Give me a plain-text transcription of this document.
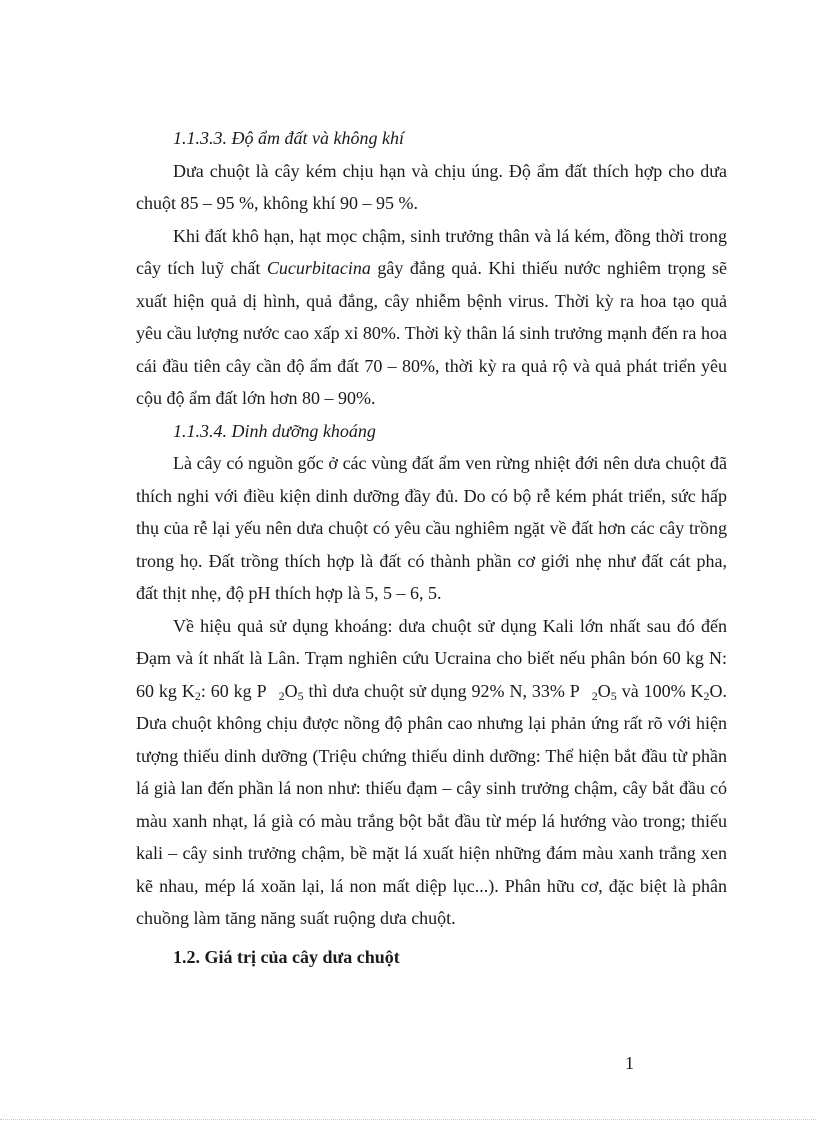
1.1.3.3. Độ ẩm đất và không khí

Dưa chuột là cây kém chịu hạn và chịu úng. Độ ẩm đất thích hợp cho dưa chuột 85 – 95 %, không khí 90 – 95 %.

Khi đất khô hạn, hạt mọc chậm, sinh trưởng thân và lá kém, đồng thời trong cây tích luỹ chất Cucurbitacina gây đắng quả. Khi thiếu nước nghiêm trọng sẽ xuất hiện quả dị hình, quả đắng, cây nhiễm bệnh virus. Thời kỳ ra hoa tạo quả yêu cầu lượng nước cao xấp xỉ 80%. Thời kỳ thân lá sinh trưởng mạnh đến ra hoa cái đầu tiên cây cần độ ẩm đất 70 – 80%, thời kỳ ra quả rộ và quả phát triển yêu cộu độ ẩm đất lớn hơn 80 – 90%.

1.1.3.4. Dinh dưỡng khoáng

Là cây có nguồn gốc ở các vùng đất ẩm ven rừng nhiệt đới nên dưa chuột đã thích nghi với điều kiện dinh dưỡng đầy đủ. Do có bộ rễ kém phát triển, sức hấp thụ của rễ lại yếu nên dưa chuột có yêu cầu nghiêm ngặt về đất hơn các cây trồng trong họ. Đất trồng thích hợp là đất có thành phần cơ giới nhẹ như đất cát pha, đất thịt nhẹ, độ pH thích hợp là 5, 5 – 6, 5.

Về hiệu quả sử dụng khoáng: dưa chuột sử dụng Kali lớn nhất sau đó đến Đạm và ít nhất là Lân. Trạm nghiên cứu Ucraina cho biết nếu phân bón 60 kg N: 60 kg $K_2$: 60 kg P $_2O_5$ thì dưa chuột sử dụng 92% N, 33% P $_2O_5$ và 100% $K_2O$. Dưa chuột không chịu được nồng độ phân cao nhưng lại phản ứng rất rõ với hiện tượng thiếu dinh dưỡng (Triệu chứng thiếu dinh dưỡng: Thể hiện bắt đầu từ phần lá già lan đến phần lá non như: thiếu đạm – cây sinh trưởng chậm, cây bắt đầu có màu xanh nhạt, lá già có màu trắng bột bắt đầu từ mép lá hướng vào trong; thiếu kali – cây sinh trưởng chậm, bề mặt lá xuất hiện những đám màu xanh trắng xen kẽ nhau, mép lá xoăn lại, lá non mất diệp lục...). Phân hữu cơ, đặc biệt là phân chuồng làm tăng năng suất ruộng dưa chuột.

1.2. Giá trị của cây dưa chuột

1
